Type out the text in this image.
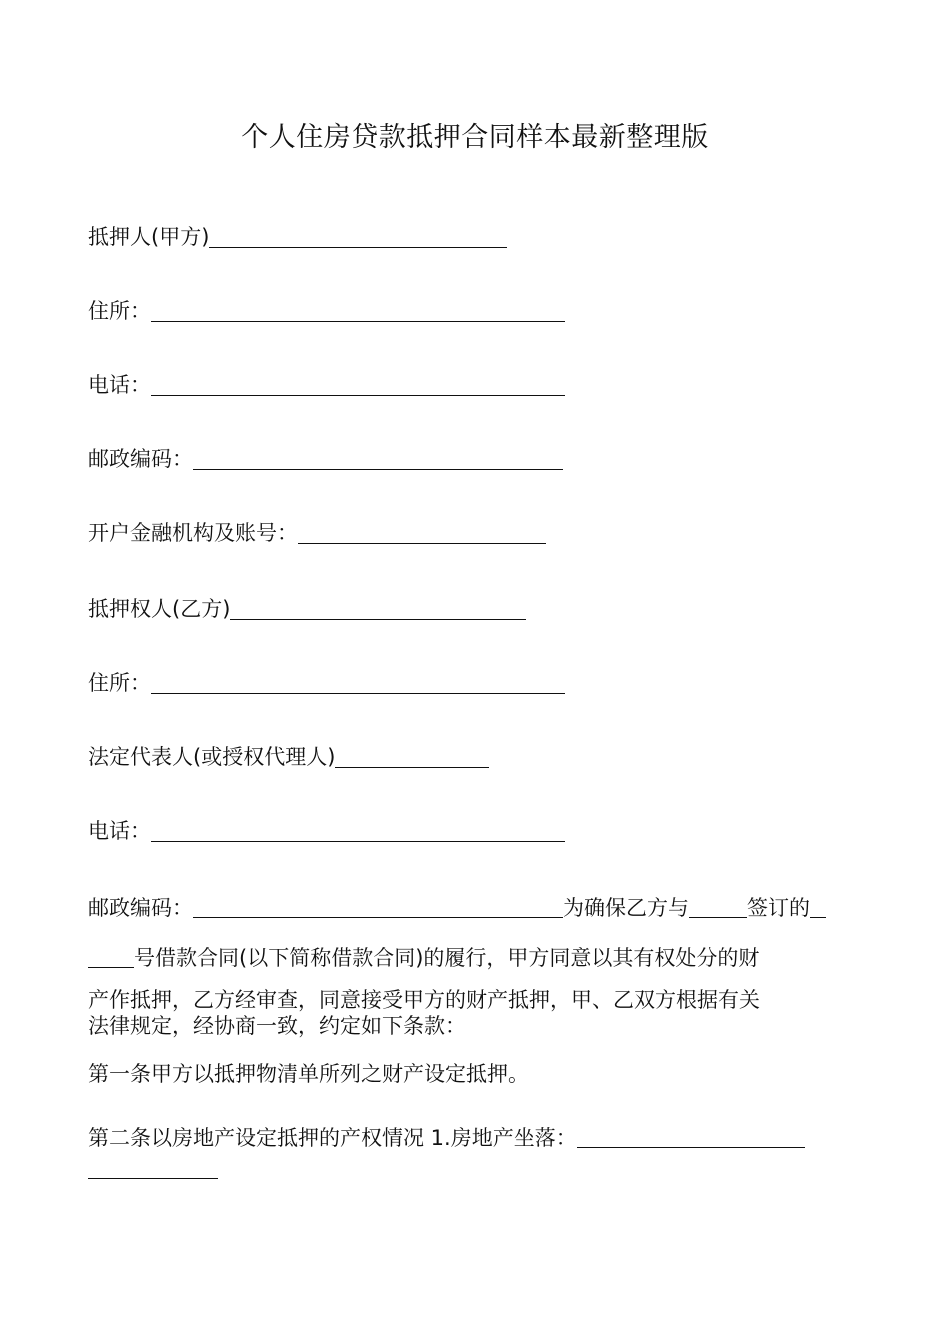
个人住房贷款抵押合同样本最新整理版
抵押人(甲方)
住所：
电话：
邮政编码：
开户金融机构及账号：
抵押权人(乙方)
住所：
法定代表人(或授权代理人)
电话：
邮政编码：	为确保乙方与	签订的
号借款合同(以下简称借款合同)的履行，甲方同意以其有权处分的财
产作抵押，乙方经审查，同意接受甲方的财产抵押，甲、乙双方根据有关
法律规定，经协商一致，约定如下条款：
第一条甲方以抵押物清单所列之财产设定抵押。
第二条以房地产设定抵押的产权情况 1.房地产坐落：
